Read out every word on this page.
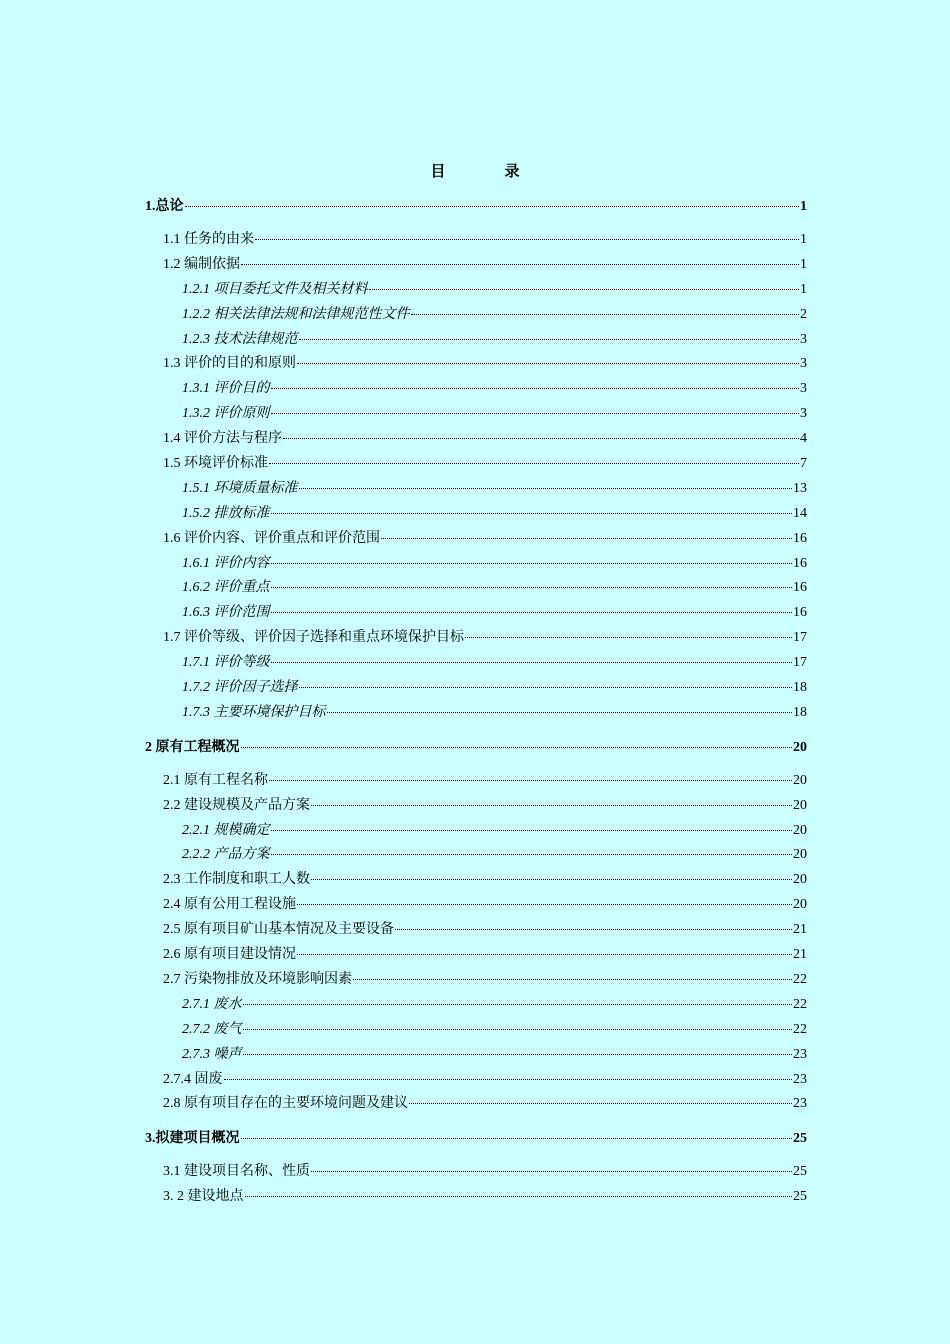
目　录
1.总论	1
1.1 任务的由来	1
1.2 编制依据	1
1.2.1 项目委托文件及相关材料	1
1.2.2 相关法律法规和法律规范性文件	2
1.2.3 技术法律规范	3
1.3 评价的目的和原则	3
1.3.1 评价目的	3
1.3.2 评价原则	3
1.4 评价方法与程序	4
1.5 环境评价标准	7
1.5.1 环境质量标准	13
1.5.2 排放标准	14
1.6 评价内容、评价重点和评价范围	16
1.6.1 评价内容	16
1.6.2 评价重点	16
1.6.3 评价范围	16
1.7 评价等级、评价因子选择和重点环境保护目标	17
1.7.1 评价等级	17
1.7.2 评价因子选择	18
1.7.3 主要环境保护目标	18
2 原有工程概况	20
2.1 原有工程名称	20
2.2 建设规模及产品方案	20
2.2.1 规模确定	20
2.2.2 产品方案	20
2.3 工作制度和职工人数	20
2.4 原有公用工程设施	20
2.5 原有项目矿山基本情况及主要设备	21
2.6 原有项目建设情况	21
2.7 污染物排放及环境影响因素	22
2.7.1 废水	22
2.7.2 废气	22
2.7.3 噪声	23
2.7.4 固废	23
2.8 原有项目存在的主要环境问题及建议	23
3.拟建项目概况	25
3.1 建设项目名称、性质	25
3. 2 建设地点	25
